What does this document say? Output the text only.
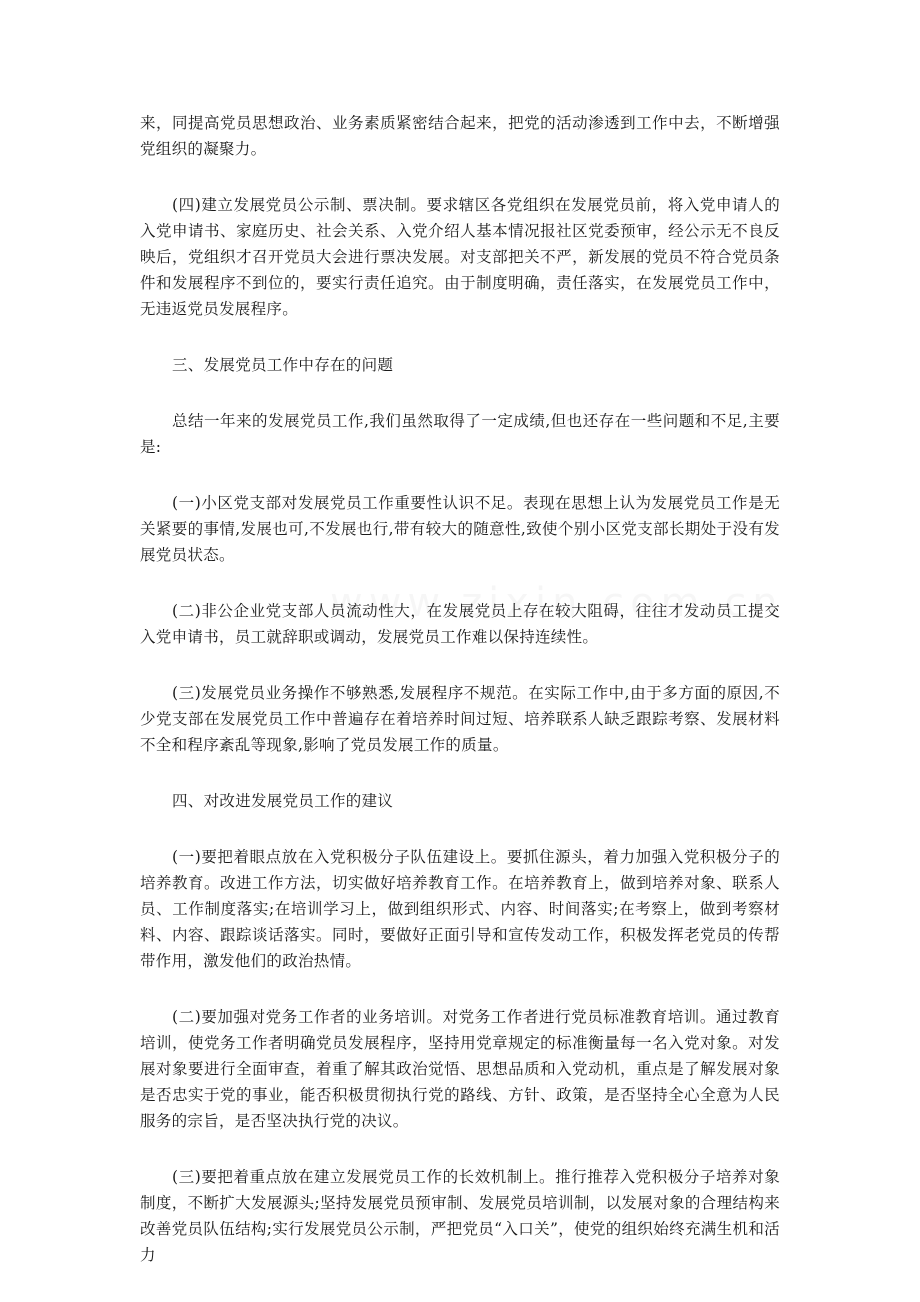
来，同提高党员思想政治、业务素质紧密结合起来，把党的活动渗透到工作中去，不断增强党组织的凝聚力。

(四)建立发展党员公示制、票决制。要求辖区各党组织在发展党员前，将入党申请人的入党申请书、家庭历史、社会关系、入党介绍人基本情况报社区党委预审，经公示无不良反映后，党组织才召开党员大会进行票决发展。对支部把关不严，新发展的党员不符合党员条件和发展程序不到位的，要实行责任追究。由于制度明确，责任落实，在发展党员工作中，无违返党员发展程序。

三、发展党员工作中存在的问题

总结一年来的发展党员工作,我们虽然取得了一定成绩,但也还存在一些问题和不足,主要是:

(一)小区党支部对发展党员工作重要性认识不足。表现在思想上认为发展党员工作是无关紧要的事情,发展也可,不发展也行,带有较大的随意性,致使个别小区党支部长期处于没有发展党员状态。

(二)非公企业党支部人员流动性大，在发展党员上存在较大阻碍，往往才发动员工提交入党申请书，员工就辞职或调动，发展党员工作难以保持连续性。

(三)发展党员业务操作不够熟悉,发展程序不规范。在实际工作中,由于多方面的原因,不少党支部在发展党员工作中普遍存在着培养时间过短、培养联系人缺乏跟踪考察、发展材料不全和程序紊乱等现象,影响了党员发展工作的质量。

四、对改进发展党员工作的建议

(一)要把着眼点放在入党积极分子队伍建设上。要抓住源头，着力加强入党积极分子的培养教育。改进工作方法，切实做好培养教育工作。在培养教育上，做到培养对象、联系人员、工作制度落实;在培训学习上，做到组织形式、内容、时间落实;在考察上，做到考察材料、内容、跟踪谈话落实。同时，要做好正面引导和宣传发动工作，积极发挥老党员的传帮带作用，激发他们的政治热情。

(二)要加强对党务工作者的业务培训。对党务工作者进行党员标准教育培训。通过教育培训，使党务工作者明确党员发展程序，坚持用党章规定的标准衡量每一名入党对象。对发展对象要进行全面审查，着重了解其政治觉悟、思想品质和入党动机，重点是了解发展对象是否忠实于党的事业，能否积极贯彻执行党的路线、方针、政策，是否坚持全心全意为人民服务的宗旨，是否坚决执行党的决议。

(三)要把着重点放在建立发展党员工作的长效机制上。推行推荐入党积极分子培养对象制度，不断扩大发展源头;坚持发展党员预审制、发展党员培训制，以发展对象的合理结构来改善党员队伍结构;实行发展党员公示制，严把党员“入口关”，使党的组织始终充满生机和活力
